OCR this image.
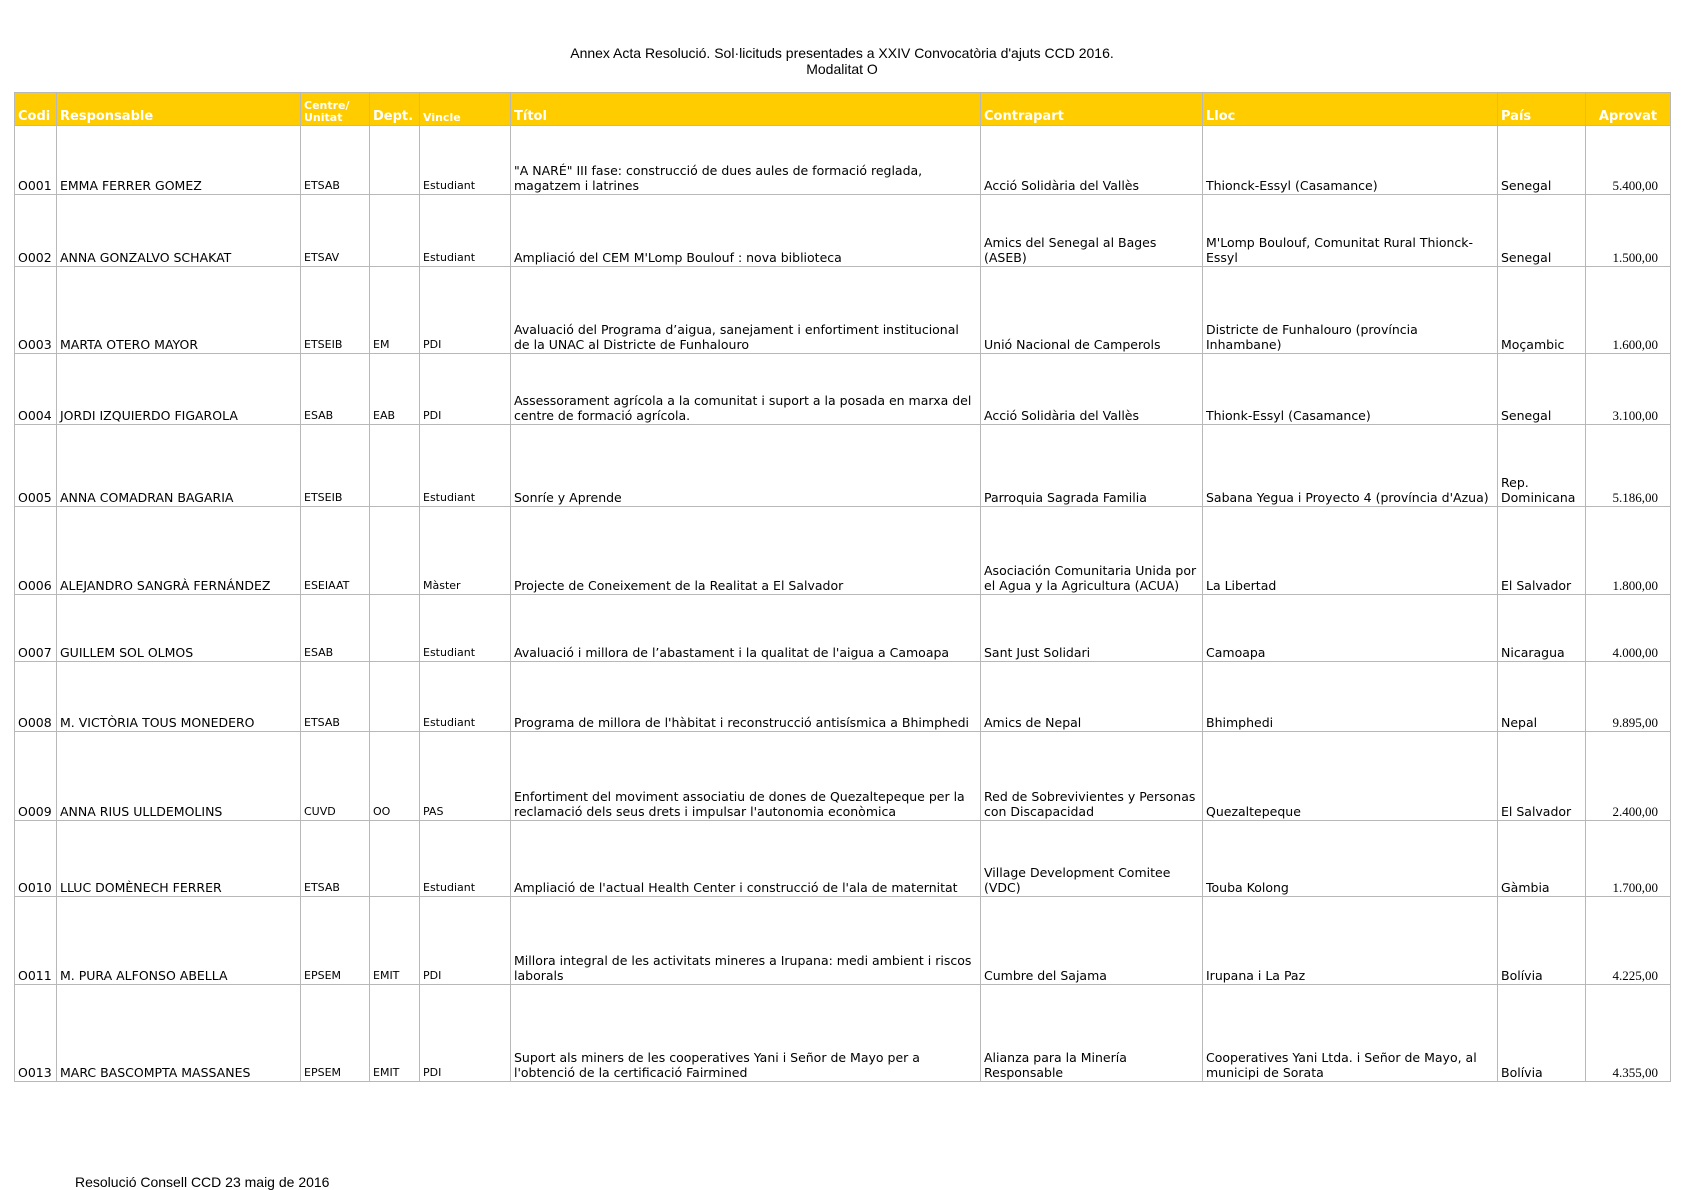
Annex Acta Resolució. Sol·licituds presentades a XXIV Convocatòria d'ajuts CCD 2016.
Modalitat O
Codi	Responsable	Centre/ Unitat	Dept.	Vincle	Títol	Contrapart	Lloc	País	Aprovat
O001	EMMA FERRER GOMEZ	ETSAB		Estudiant	"A NARÉ" III fase: construcció de dues aules de formació reglada, magatzem i latrines	Acció Solidària del Vallès	Thionck-Essyl (Casamance)	Senegal	5.400,00
O002	ANNA GONZALVO SCHAKAT	ETSAV		Estudiant	Ampliació del CEM M'Lomp Boulouf : nova biblioteca	Amics del Senegal al Bages (ASEB)	M'Lomp Boulouf, Comunitat Rural Thionck-Essyl	Senegal	1.500,00
O003	MARTA OTERO MAYOR	ETSEIB	EM	PDI	Avaluació del Programa d’aigua, sanejament i enfortiment institucional de la UNAC al Districte de Funhalouro	Unió Nacional de Camperols	Districte de Funhalouro (província Inhambane)	Moçambic	1.600,00
O004	JORDI IZQUIERDO FIGAROLA	ESAB	EAB	PDI	Assessorament agrícola a la comunitat i suport a la posada en marxa del centre de formació agrícola.	Acció Solidària del Vallès	Thionk-Essyl (Casamance)	Senegal	3.100,00
O005	ANNA COMADRAN BAGARIA	ETSEIB		Estudiant	Sonríe y Aprende	Parroquia Sagrada Familia	Sabana Yegua i Proyecto 4 (província d'Azua)	Rep. Dominicana	5.186,00
O006	ALEJANDRO SANGRÀ FERNÁNDEZ	ESEIAAT		Màster	Projecte de Coneixement de la Realitat a El Salvador	Asociación Comunitaria Unida por el Agua y la Agricultura (ACUA)	La Libertad	El Salvador	1.800,00
O007	GUILLEM SOL OLMOS	ESAB		Estudiant	Avaluació i millora de l’abastament i la qualitat de l'aigua a Camoapa	Sant Just Solidari	Camoapa	Nicaragua	4.000,00
O008	M. VICTÒRIA TOUS MONEDERO	ETSAB		Estudiant	Programa de millora de l'hàbitat i reconstrucció antisísmica a Bhimphedi	Amics de Nepal	Bhimphedi	Nepal	9.895,00
O009	ANNA RIUS ULLDEMOLINS	CUVD	OO	PAS	Enfortiment del moviment associatiu de dones de Quezaltepeque per la reclamació dels seus drets i impulsar l'autonomia econòmica	Red de Sobrevivientes y Personas con Discapacidad	Quezaltepeque	El Salvador	2.400,00
O010	LLUC DOMÈNECH FERRER	ETSAB		Estudiant	Ampliació de l'actual Health Center i construcció de l'ala de maternitat	Village Development Comitee (VDC)	Touba Kolong	Gàmbia	1.700,00
O011	M. PURA ALFONSO ABELLA	EPSEM	EMIT	PDI	Millora integral de les activitats mineres a Irupana: medi ambient i riscos laborals	Cumbre del Sajama	Irupana i La Paz	Bolívia	4.225,00
O013	MARC BASCOMPTA MASSANES	EPSEM	EMIT	PDI	Suport als miners de les cooperatives Yani i Señor de Mayo per a l'obtenció de la certificació Fairmined	Alianza para la Minería Responsable	Cooperatives Yani Ltda. i Señor de Mayo, al municipi de Sorata	Bolívia	4.355,00
Resolució Consell CCD 23 maig de 2016
